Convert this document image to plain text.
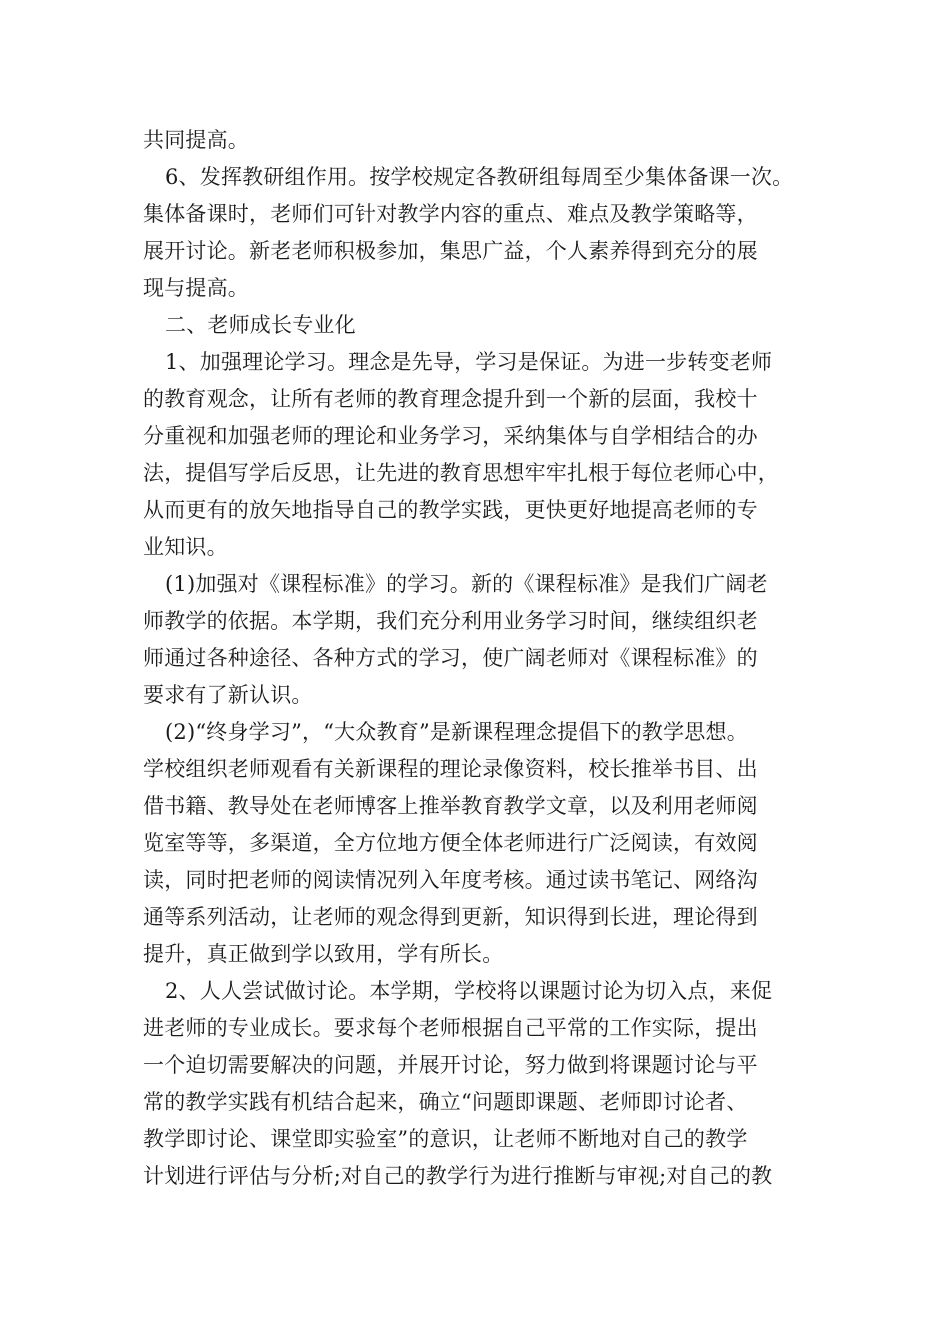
共同提高。
6、发挥教研组作用。按学校规定各教研组每周至少集体备课一次。
集体备课时，老师们可针对教学内容的重点、难点及教学策略等，
展开讨论。新老老师积极参加，集思广益，个人素养得到充分的展
现与提高。
二、老师成长专业化
1、加强理论学习。理念是先导，学习是保证。为进一步转变老师
的教育观念，让所有老师的教育理念提升到一个新的层面，我校十
分重视和加强老师的理论和业务学习，采纳集体与自学相结合的办
法，提倡写学后反思，让先进的教育思想牢牢扎根于每位老师心中，
从而更有的放矢地指导自己的教学实践，更快更好地提高老师的专
业知识。
(1)加强对《课程标准》的学习。新的《课程标准》是我们广阔老
师教学的依据。本学期，我们充分利用业务学习时间，继续组织老
师通过各种途径、各种方式的学习，使广阔老师对《课程标准》的
要求有了新认识。
(2)“终身学习”，“大众教育”是新课程理念提倡下的教学思想。
学校组织老师观看有关新课程的理论录像资料，校长推举书目、出
借书籍、教导处在老师博客上推举教育教学文章，以及利用老师阅
览室等等，多渠道，全方位地方便全体老师进行广泛阅读，有效阅
读，同时把老师的阅读情况列入年度考核。通过读书笔记、网络沟
通等系列活动，让老师的观念得到更新，知识得到长进，理论得到
提升，真正做到学以致用，学有所长。
2、人人尝试做讨论。本学期，学校将以课题讨论为切入点，来促
进老师的专业成长。要求每个老师根据自己平常的工作实际，提出
一个迫切需要解决的问题，并展开讨论，努力做到将课题讨论与平
常的教学实践有机结合起来，确立“问题即课题、老师即讨论者、
教学即讨论、课堂即实验室”的意识，让老师不断地对自己的教学
计划进行评估与分析;对自己的教学行为进行推断与审视;对自己的教
